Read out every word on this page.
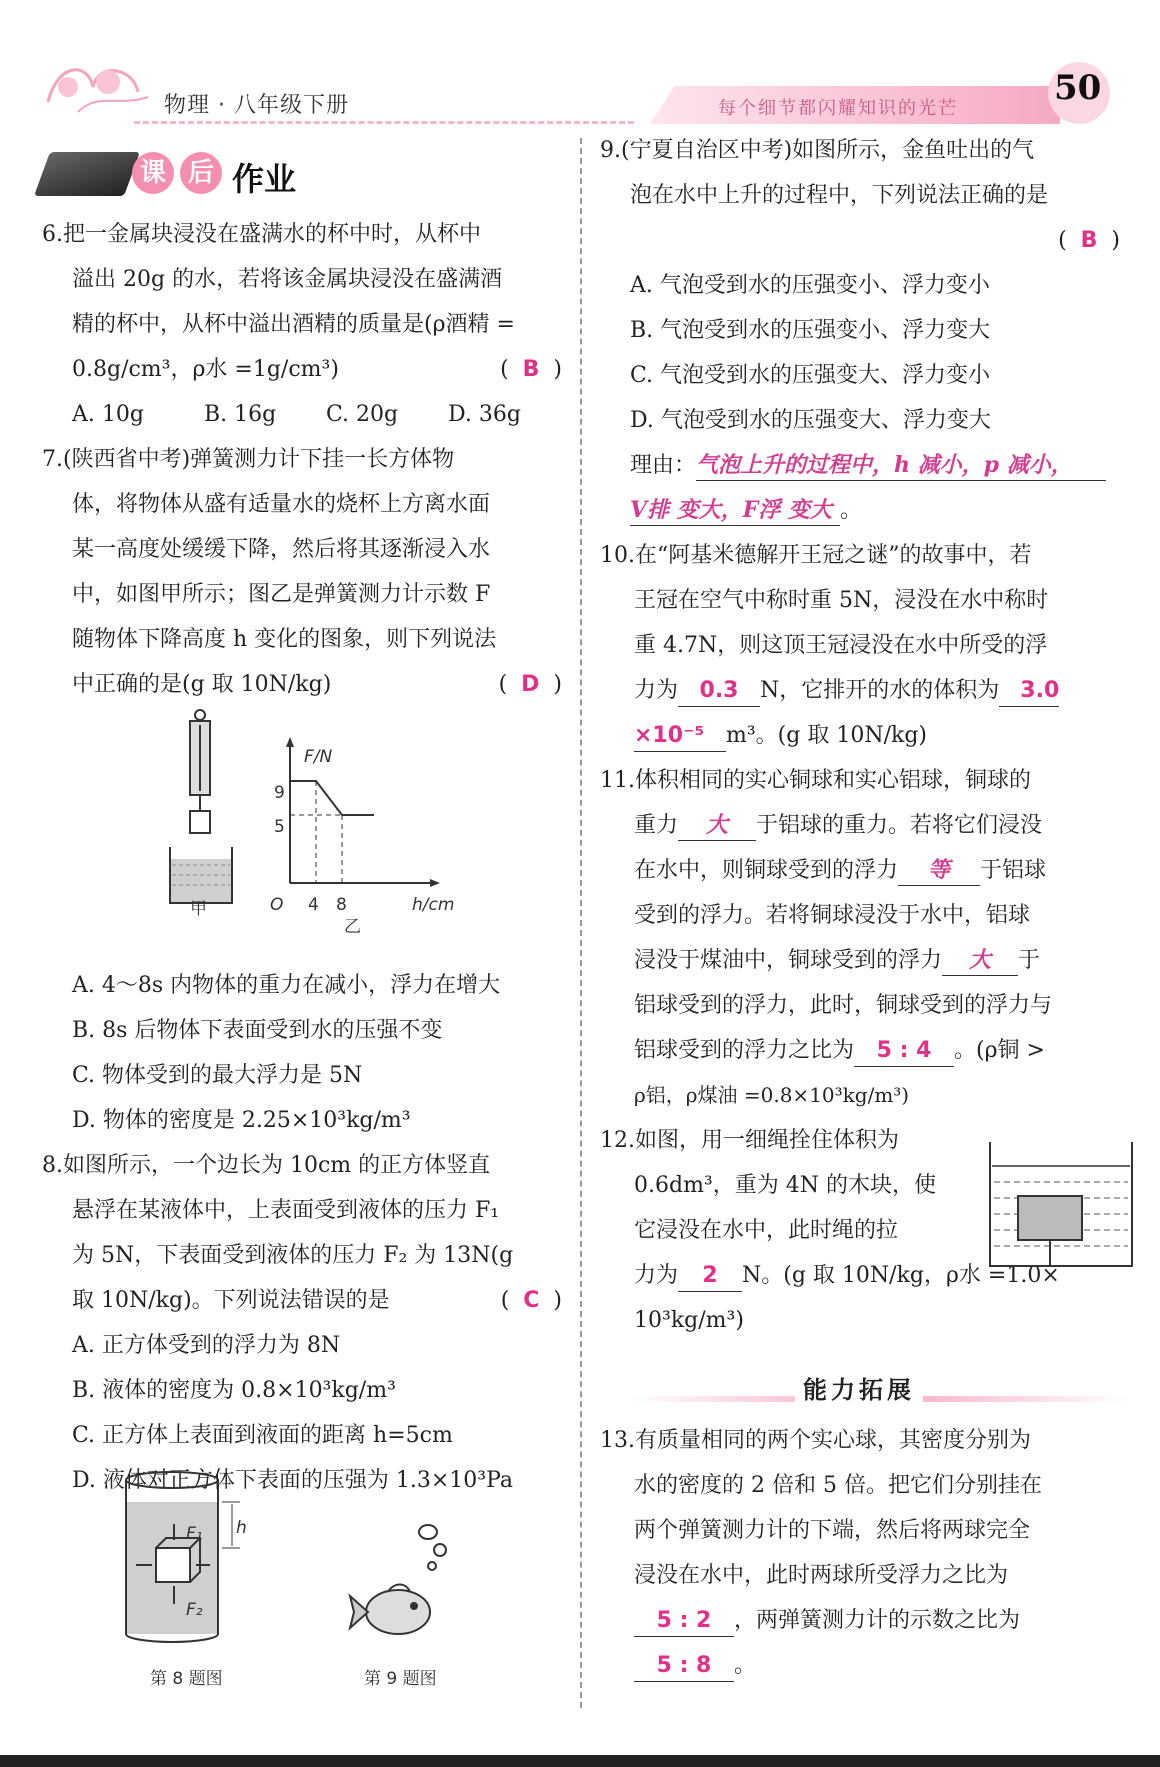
物理 · 八年级下册	每个细节都闪耀知识的光芒
50
课 后 作业

6.把一金属块浸没在盛满水的杯中时，从杯中

溢出 20g 的水，若将该金属块浸没在盛满酒

精的杯中，从杯中溢出酒精的质量是(ρ酒精 =

0.8g/cm³，ρ水 =1g/cm³)	(  B  )

A. 10g	B. 16g C. 20g D. 36g

7.(陕西省中考)弹簧测力计下挂一长方体物

体，将物体从盛有适量水的烧杯上方离水面

某一高度处缓缓下降，然后将其逐渐浸入水

中，如图甲所示；图乙是弹簧测力计示数 F

随物体下降高度 h 变化的图象，则下列说法

中正确的是(g 取 10N/kg)	(  D  )

甲
F/N
9
5
O 4 8	h/cm
乙

A. 4～8s 内物体的重力在减小，浮力在增大

B. 8s 后物体下表面受到水的压强不变

C. 物体受到的最大浮力是 5N

D. 物体的密度是 2.25×10³kg/m³

8.如图所示，一个边长为 10cm 的正方体竖直

悬浮在某液体中，上表面受到液体的压力 F₁

为 5N，下表面受到液体的压力 F₂ 为 13N(g

取 10N/kg)。下列说法错误的是	(  C  )

A. 正方体受到的浮力为 8N

B. 液体的密度为 0.8×10³kg/m³

C. 正方体上表面到液面的距离 h=5cm

D. 液体对正方体下表面的压强为 1.3×10³Pa

F₁
F₂
h
第 8 题图	第 9 题图

9.(宁夏自治区中考)如图所示，金鱼吐出的气

泡在水中上升的过程中，下列说法正确的是

(  B  )

A. 气泡受到水的压强变小、浮力变小

B. 气泡受到水的压强变小、浮力变大

C. 气泡受到水的压强变大、浮力变小

D. 气泡受到水的压强变大、浮力变大

理由：气泡上升的过程中，h 减小，p 减小，

V排 变大，F浮 变大 。

10.在“阿基米德解开王冠之谜”的故事中，若

王冠在空气中称时重 5N，浸没在水中称时

重 4.7N，则这顶王冠浸没在水中所受的浮

力为 0.3 N，它排开的水的体积为 3.0

×10⁻⁵ m³。(g 取 10N/kg)

11.体积相同的实心铜球和实心铝球，铜球的

重力 大 于铝球的重力。若将它们浸没

在水中，则铜球受到的浮力 等 于铝球

受到的浮力。若将铜球浸没于水中，铝球

浸没于煤油中，铜球受到的浮力 大 于

铝球受到的浮力，此时，铜球受到的浮力与

铝球受到的浮力之比为 5 : 4 。(ρ铜 >

ρ铝，ρ煤油 =0.8×10³kg/m³)

12.如图，用一细绳拴住体积为

0.6dm³，重为 4N 的木块，使

它浸没在水中，此时绳的拉

力为 2 N。(g 取 10N/kg，ρ水 =1.0×

10³kg/m³)

能力拓展

13.有质量相同的两个实心球，其密度分别为

水的密度的 2 倍和 5 倍。把它们分别挂在

两个弹簧测力计的下端，然后将两球完全

浸没在水中，此时两球所受浮力之比为

5 : 2 ，两弹簧测力计的示数之比为

5 : 8 。
